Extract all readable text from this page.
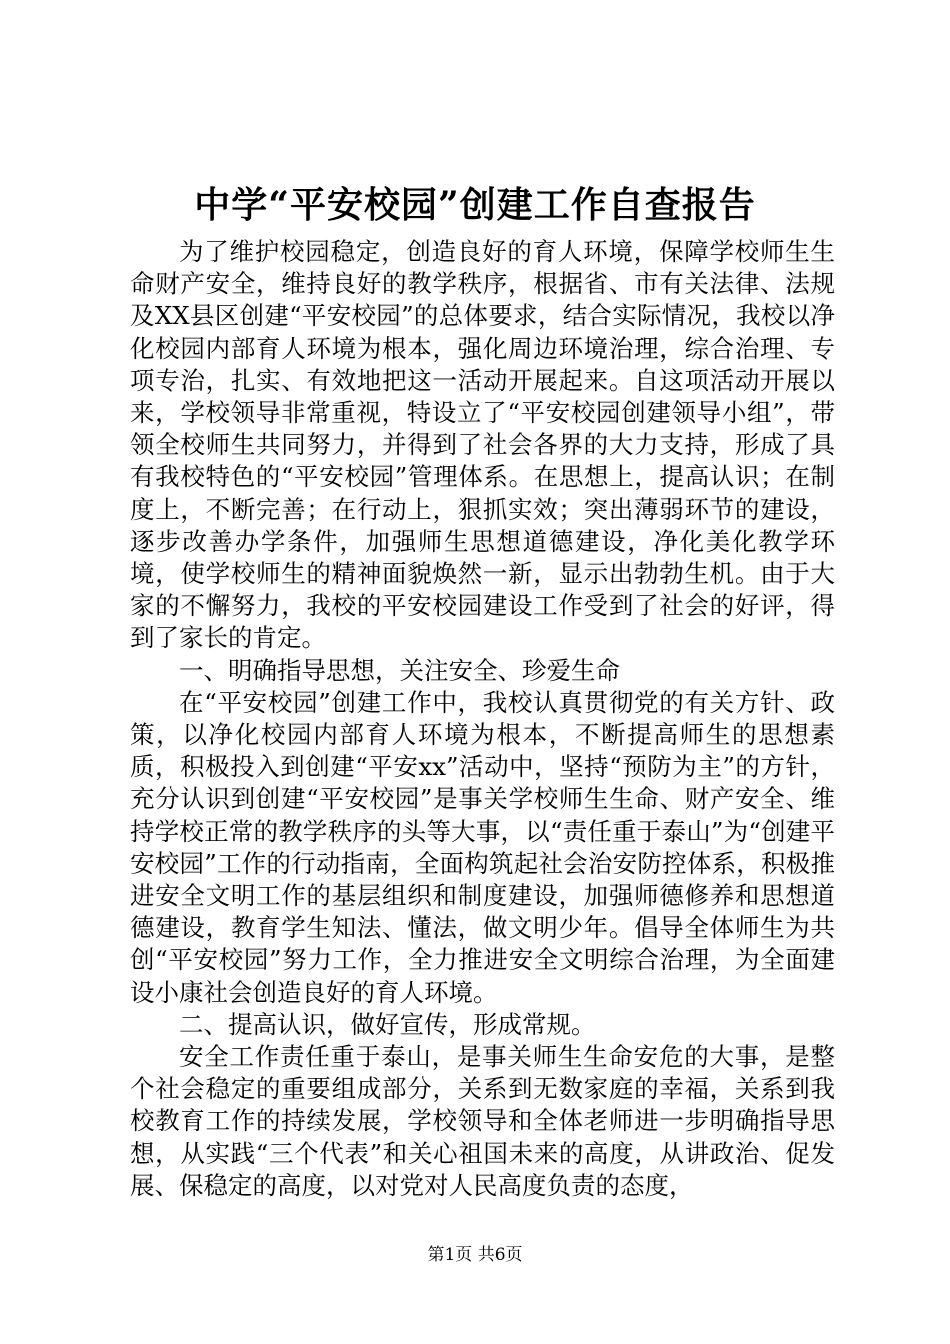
中学“平安校园”创建工作自查报告

为了维护校园稳定，创造良好的育人环境，保障学校师生生命财产安全，维持良好的教学秩序，根据省、市有关法律、法规及XX县区创建“平安校园”的总体要求，结合实际情况，我校以净化校园内部育人环境为根本，强化周边环境治理，综合治理、专项专治，扎实、有效地把这一活动开展起来。自这项活动开展以来，学校领导非常重视，特设立了“平安校园创建领导小组”，带领全校师生共同努力，并得到了社会各界的大力支持，形成了具有我校特色的“平安校园”管理体系。在思想上，提高认识；在制度上，不断完善；在行动上，狠抓实效；突出薄弱环节的建设，逐步改善办学条件，加强师生思想道德建设，净化美化教学环境，使学校师生的精神面貌焕然一新，显示出勃勃生机。由于大家的不懈努力，我校的平安校园建设工作受到了社会的好评，得到了家长的肯定。

一、明确指导思想，关注安全、珍爱生命

在“平安校园”创建工作中，我校认真贯彻党的有关方针、政策，以净化校园内部育人环境为根本，不断提高师生的思想素质，积极投入到创建“平安xx”活动中，坚持“预防为主”的方针，充分认识到创建“平安校园”是事关学校师生生命、财产安全、维持学校正常的教学秩序的头等大事，以“责任重于泰山”为“创建平安校园”工作的行动指南，全面构筑起社会治安防控体系，积极推进安全文明工作的基层组织和制度建设，加强师德修养和思想道德建设，教育学生知法、懂法，做文明少年。倡导全体师生为共创“平安校园”努力工作，全力推进安全文明综合治理，为全面建设小康社会创造良好的育人环境。

二、提高认识，做好宣传，形成常规。

安全工作责任重于泰山，是事关师生生命安危的大事，是整个社会稳定的重要组成部分，关系到无数家庭的幸福，关系到我校教育工作的持续发展，学校领导和全体老师进一步明确指导思想，从实践“三个代表”和关心祖国未来的高度，从讲政治、促发展、保稳定的高度，以对党对人民高度负责的态度，

第1页 共6页
